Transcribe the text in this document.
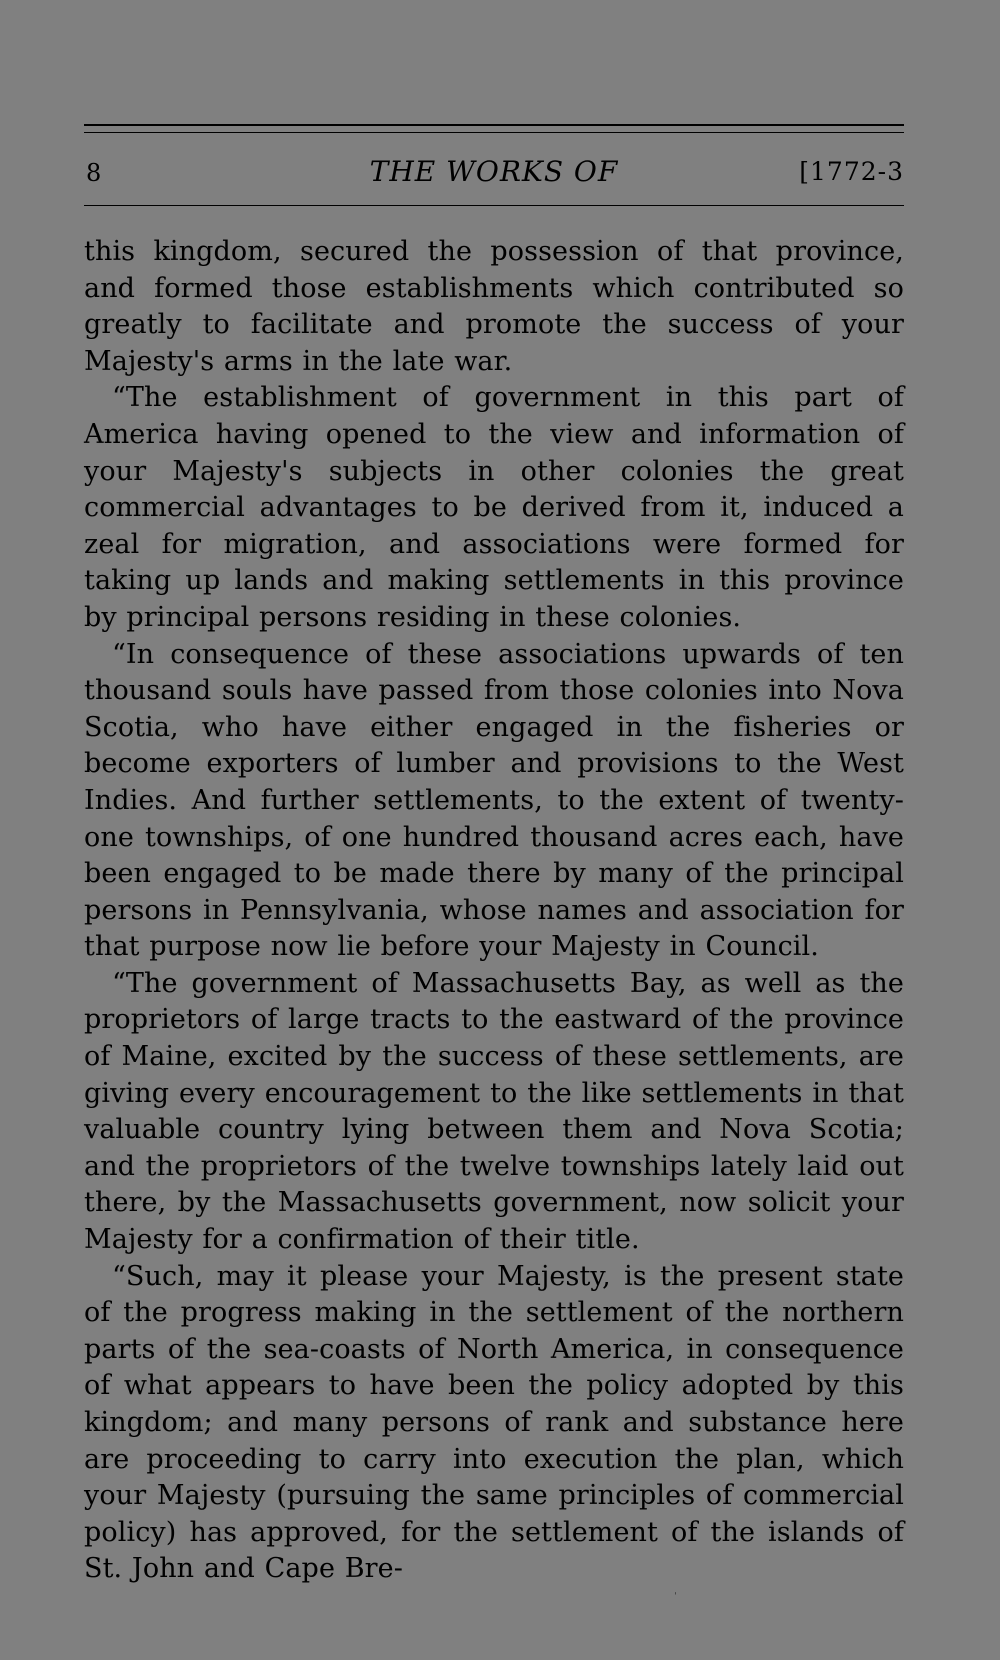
8	THE WORKS OF	[1772-3

this kingdom, secured the possession of that province, and formed those establishments which contributed so greatly to facilitate and promote the success of your Majesty's arms in the late war.

“The establishment of government in this part of America having opened to the view and information of your Majesty's subjects in other colonies the great commercial advantages to be derived from it, induced a zeal for migration, and associations were formed for taking up lands and making settlements in this province by principal persons residing in these colonies.

“In consequence of these associations upwards of ten thousand souls have passed from those colonies into Nova Scotia, who have either engaged in the fisheries or become exporters of lumber and provisions to the West Indies. And further settlements, to the extent of twenty-one townships, of one hundred thousand acres each, have been engaged to be made there by many of the principal persons in Pennsylvania, whose names and association for that purpose now lie before your Majesty in Council.

“The government of Massachusetts Bay, as well as the proprietors of large tracts to the eastward of the province of Maine, excited by the success of these settlements, are giving every encouragement to the like settlements in that valuable country lying between them and Nova Scotia; and the proprietors of the twelve townships lately laid out there, by the Massachusetts government, now solicit your Majesty for a confirmation of their title.

“Such, may it please your Majesty, is the present state of the progress making in the settlement of the northern parts of the sea-coasts of North America, in consequence of what appears to have been the policy adopted by this kingdom; and many persons of rank and substance here are proceeding to carry into execution the plan, which your Majesty (pursuing the same principles of commercial policy) has approved, for the settlement of the islands of St. John and Cape Bre-

ˈ
